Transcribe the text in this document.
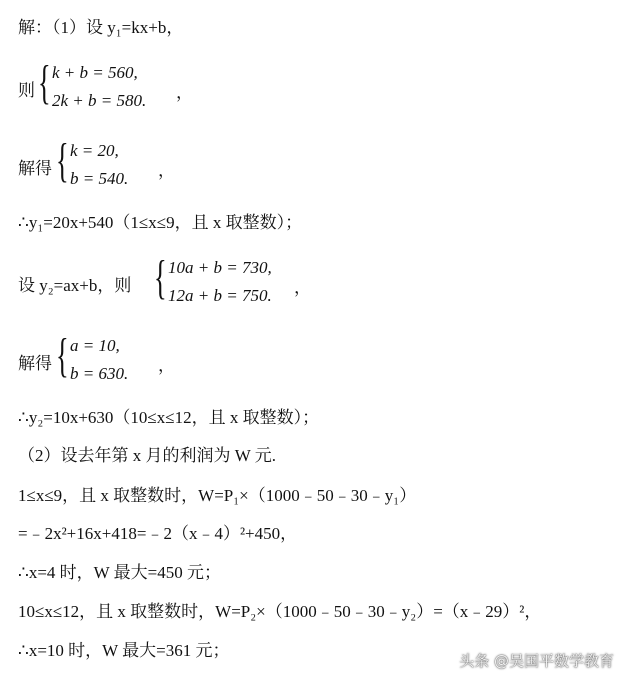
解：（1）设 y₁=kx+b，
则 { k + b = 560,
2k + b = 580. ，
解得 { k = 20,
b = 540. ，
∴y₁=20x+540（1≤x≤9，且 x 取整数）；
设 y₂=ax+b，则 { 10a + b = 730,
12a + b = 750. ，
解得 { a = 10,
b = 630. ，
∴y₂=10x+630（10≤x≤12，且 x 取整数）；
（2）设去年第 x 月的利润为 W 元.
1≤x≤9，且 x 取整数时，W=P₁×（1000﹣50﹣30﹣y₁）
=﹣2x²+16x+418=﹣2（x﹣4）²+450，
∴x=4 时，W 最大=450 元；
10≤x≤12，且 x 取整数时，W=P₂×（1000﹣50﹣30﹣y₂）=（x﹣29）²，
∴x=10 时，W 最大=361 元；
头条 @吴国平数学教育
